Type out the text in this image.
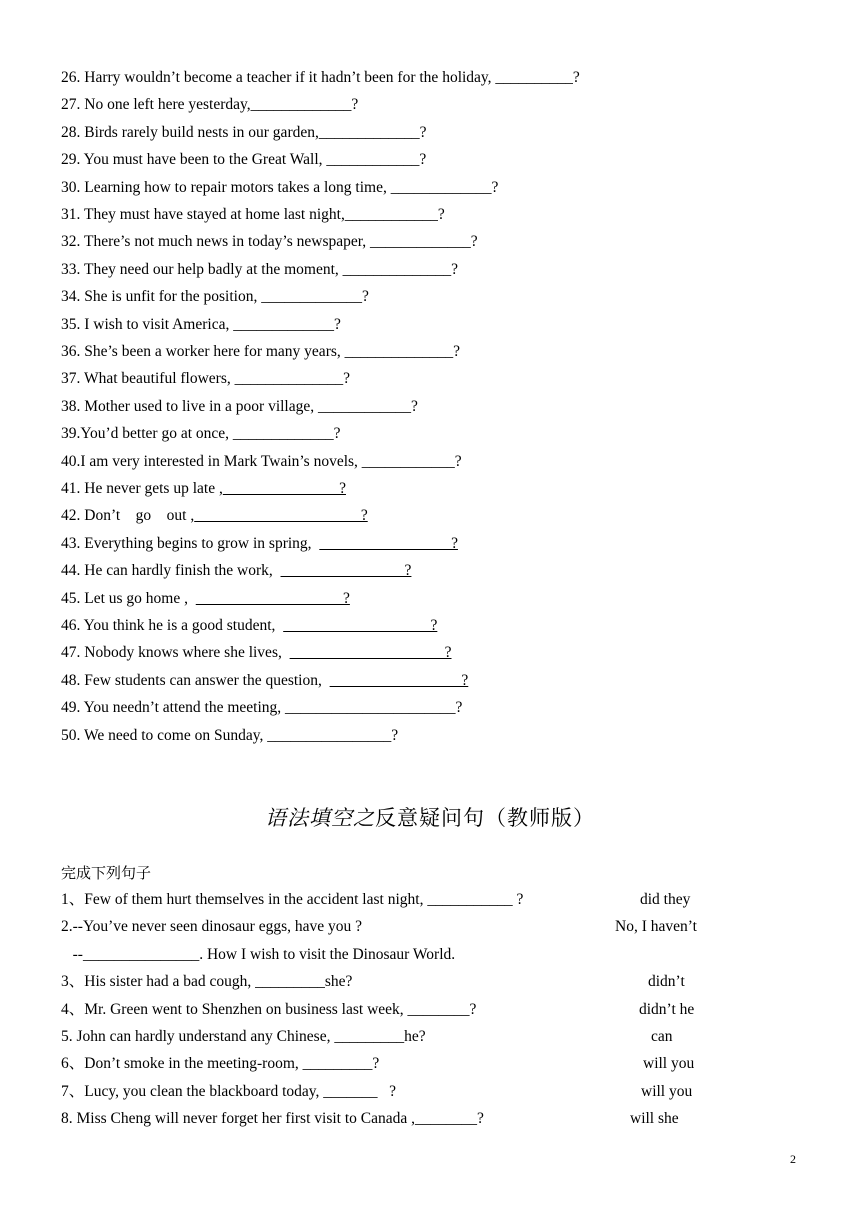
26. Harry wouldn’t become a teacher if it hadn’t been for the holiday, __________?
27. No one left here yesterday,_____________?
28. Birds rarely build nests in our garden,_____________?
29. You must have been to the Great Wall, ____________?
30. Learning how to repair motors takes a long time, _____________?
31. They must have stayed at home last night,____________?
32. There’s not much news in today’s newspaper, _____________?
33. They need our help badly at the moment, ______________?
34. She is unfit for the position, _____________?
35. I wish to visit America, _____________?
36. She’s been a worker here for many years, ______________?
37. What beautiful flowers, ______________?
38. Mother used to live in a poor village, ____________?
39.You’d better go at once, _____________?
40.I am very interested in Mark Twain’s novels, ____________?
41. He never gets up late ,                              ?
42. Don’t    go    out ,                                           ?
43. Everything begins to grow in spring,                                    ?
44. He can hardly finish the work,                                  ?
45. Let us go home ,                                        ?
46. You think he is a good student,                                        ?
47. Nobody knows where she lives,                                          ?
48. Few students can answer the question,                                    ?
49. You needn’t attend the meeting, ______________________?
50. We need to come on Sunday, ________________?
语法填空之反意疑问句（教师版）
完成下列句子
1、Few of them hurt themselves in the accident last night, ___________ ?	did they
2.--You’ve never seen dinosaur eggs, have you ?	No, I haven’t
--_______________. How I wish to visit the Dinosaur World.
3、His sister had a bad cough, _________she?	didn’t
4、Mr. Green went to Shenzhen on business last week, ________?	didn’t he
5. John can hardly understand any Chinese, _________he?	can
6、Don’t smoke in the meeting-room, _________?	will you
7、Lucy, you clean the blackboard today, _______   ?	will you
8. Miss Cheng will never forget her first visit to Canada ,________?	will she
2
